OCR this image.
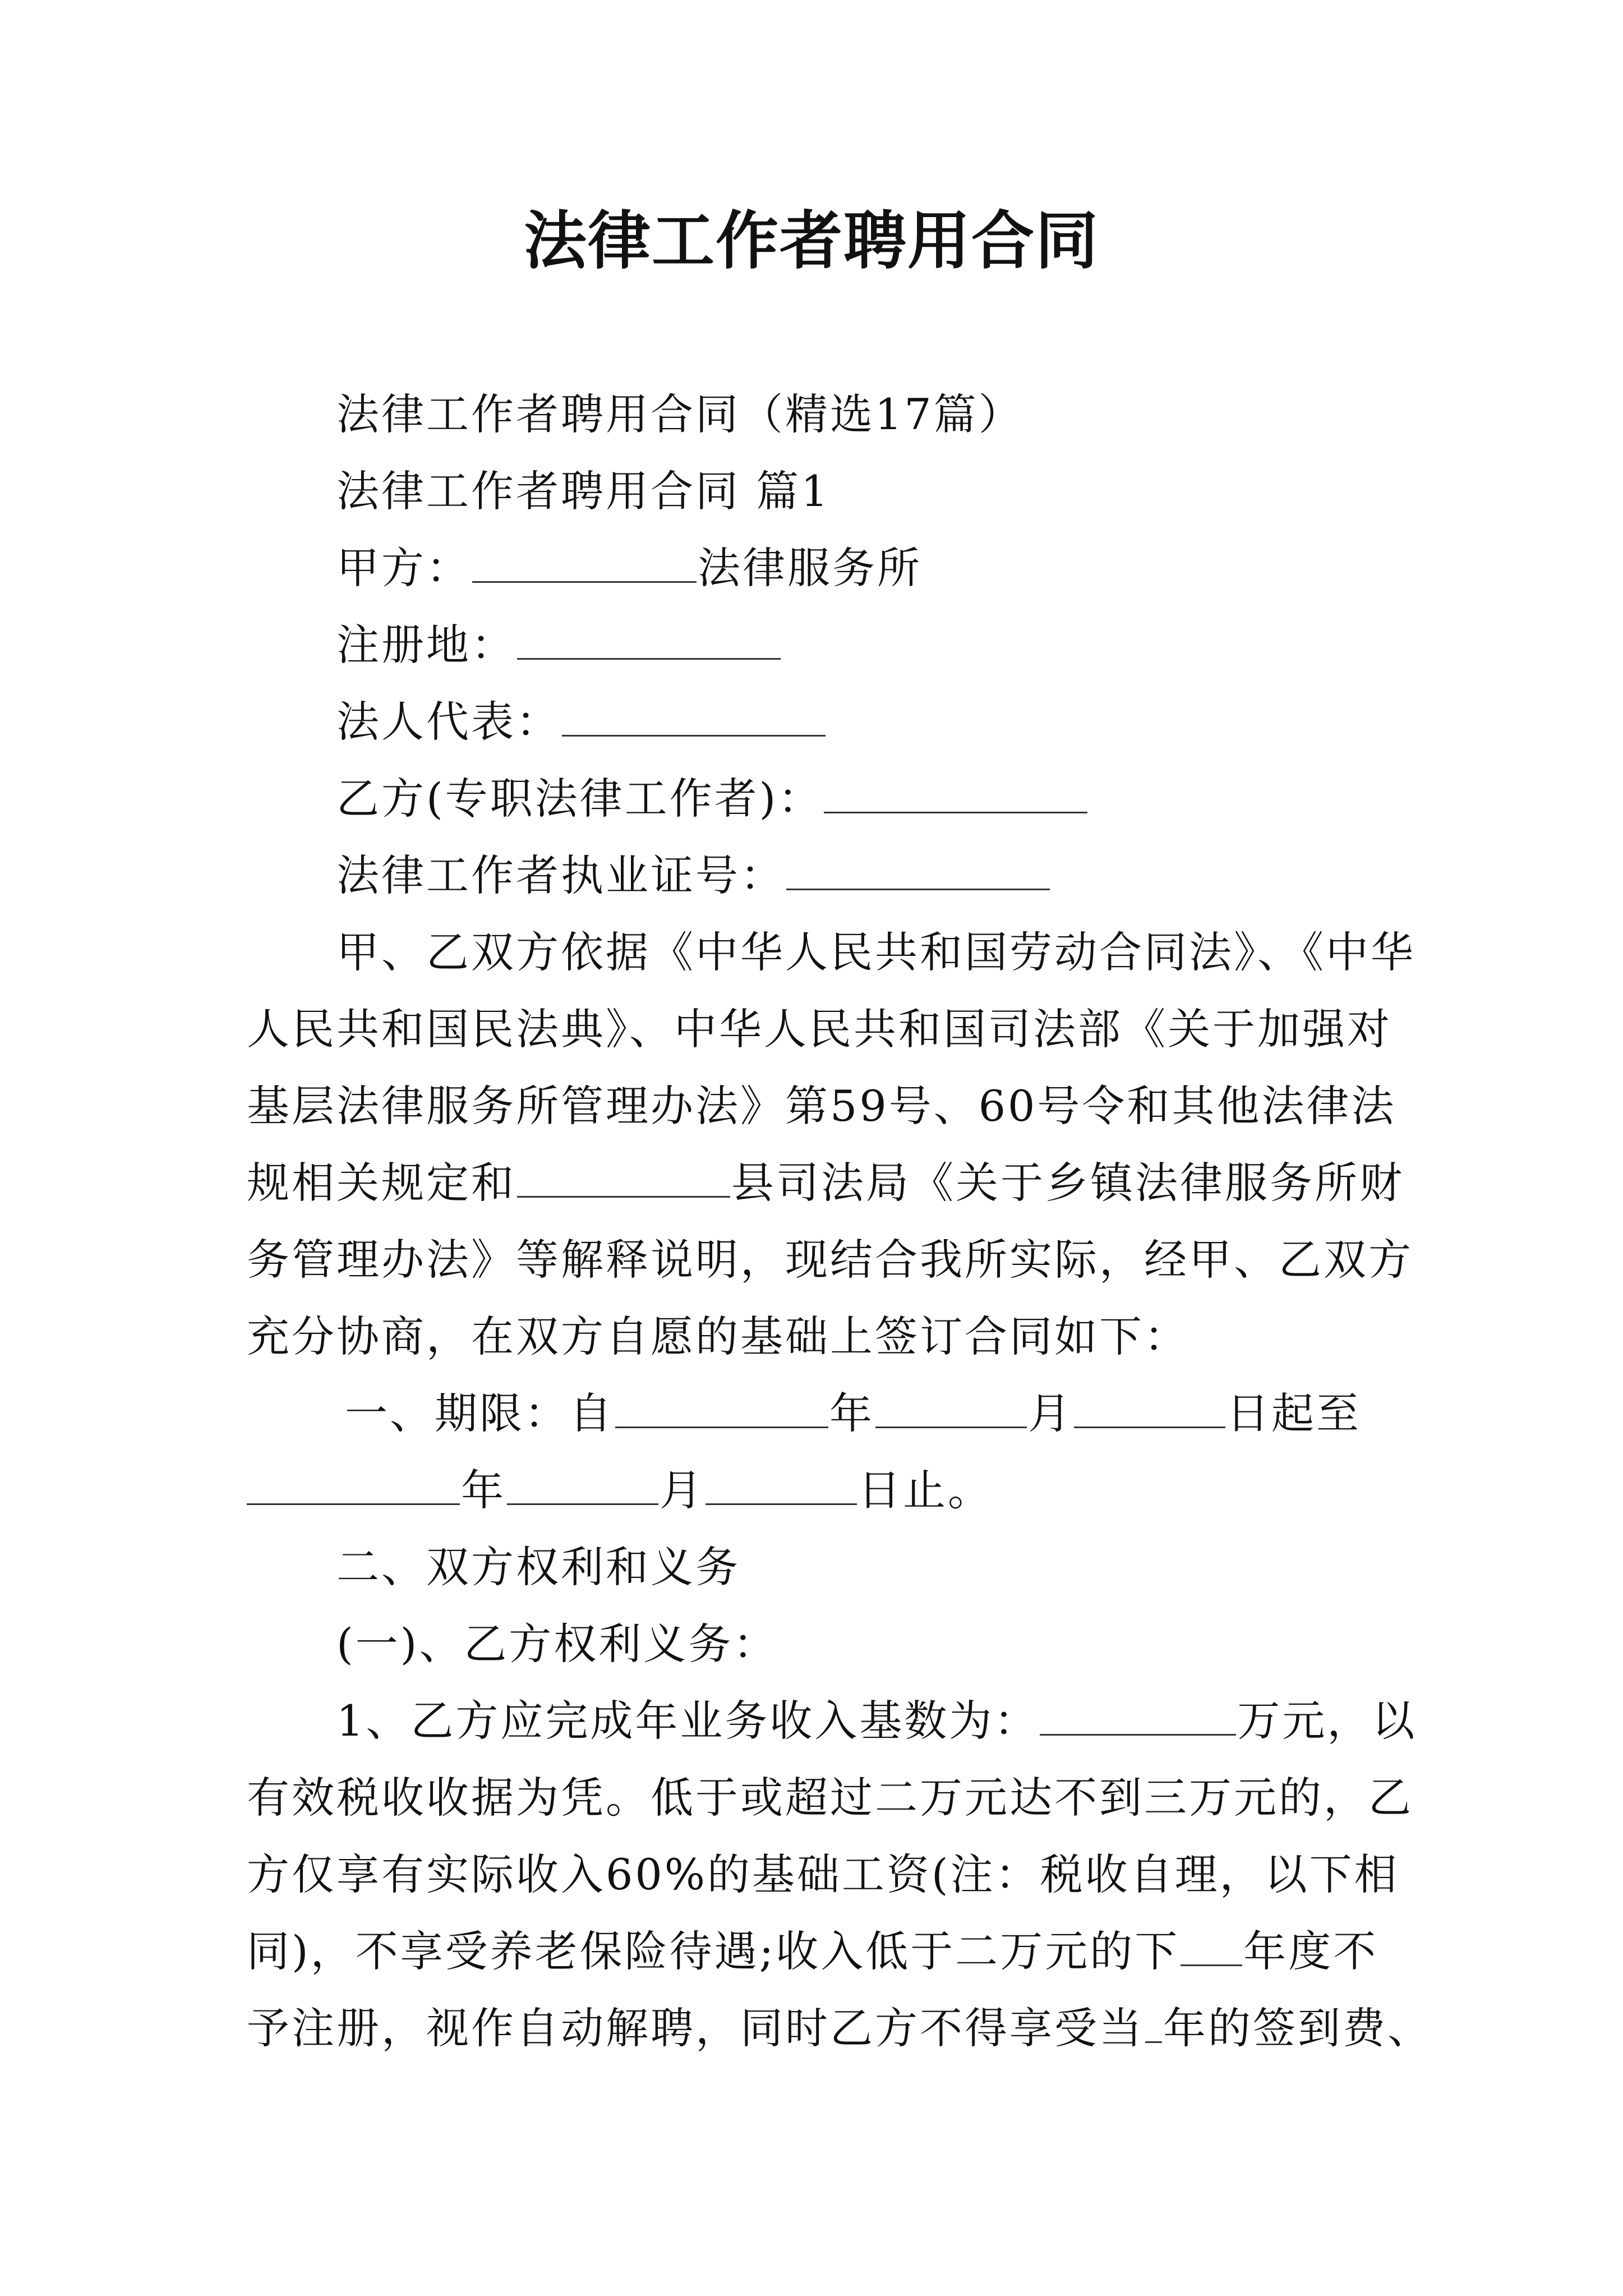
法律工作者聘用合同
法律工作者聘用合同（精选17篇）
法律工作者聘用合同 篇1
甲方：	法律服务所
注册地：
法人代表：
乙方(专职法律工作者)：
法律工作者执业证号：
甲、乙双方依据《中华人民共和国劳动合同法》、《中华
人民共和国民法典》、中华人民共和国司法部《关于加强对
基层法律服务所管理办法》第59号、60号令和其他法律法
规相关规定和	县司法局《关于乡镇法律服务所财
务管理办法》等解释说明，现结合我所实际，经甲、乙双方
充分协商，在双方自愿的基础上签订合同如下：
一、期限：自	年	月	日起至
年	月	日止。
二、双方权利和义务
(一)、乙方权利义务：
1、乙方应完成年业务收入基数为：	万元，以
有效税收收据为凭。低于或超过二万元达不到三万元的，乙
方仅享有实际收入60%的基础工资(注：税收自理，以下相
同)，不享受养老保险待遇;收入低于二万元的下 年度不
予注册，视作自动解聘，同时乙方不得享受当 年的签到费、
